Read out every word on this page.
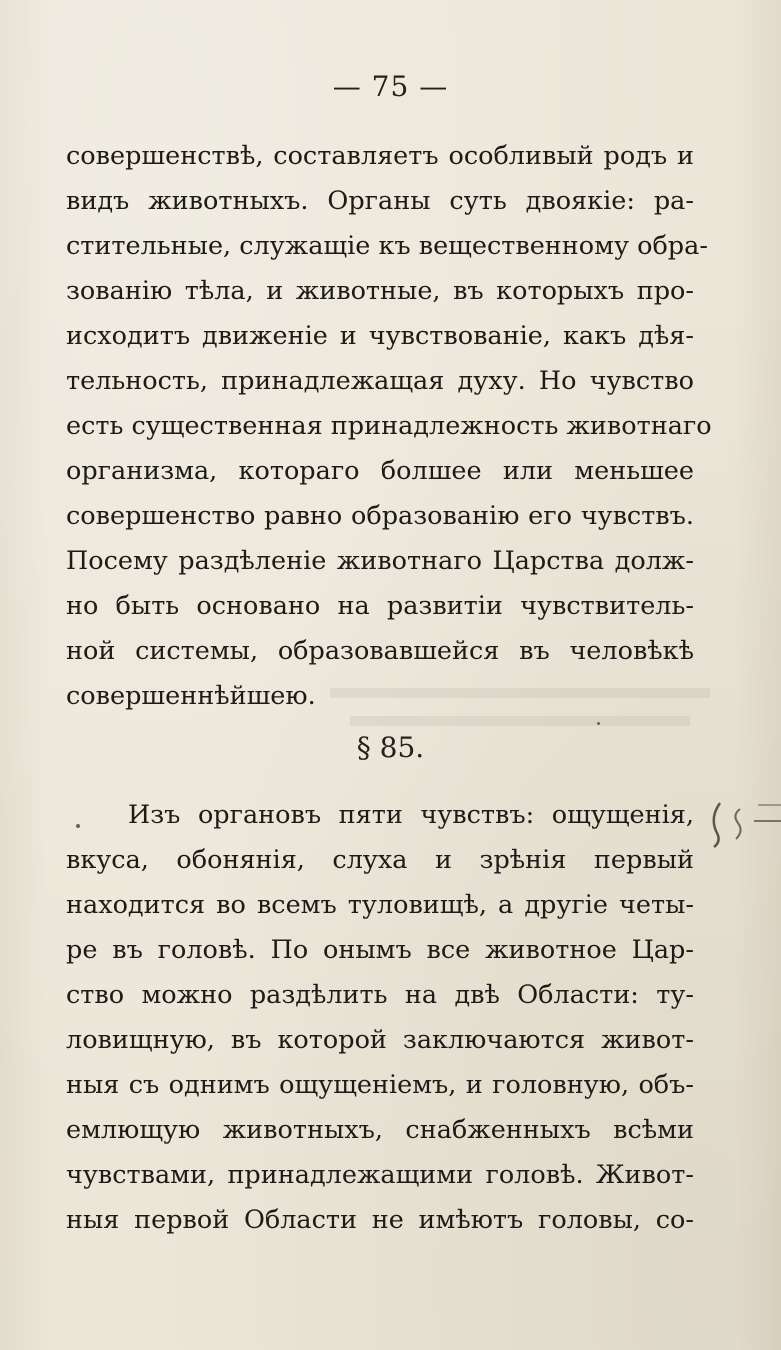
— 75 —
совершенствѣ, составляетъ особливый родъ и
видъ животныхъ. Органы суть двоякіе: ра-
стительные, служащіе къ вещественному обра-
зованію тѣла, и животные, въ которыхъ про-
исходитъ движеніе и чувствованіе, какъ дѣя-
тельность, принадлежащая духу. Но чувство
есть существенная принадлежность животнаго
организма, котораго болшее или меньшее
совершенство равно образованію его чувствъ.
Посему раздѣленіе животнаго Царства долж-
но быть основано на развитіи чувствитель-
ной системы, образовавшейся въ человѣкѣ
совершеннѣйшею.
§ 85.
Изъ органовъ пяти чувствъ: ощущенія,
вкуса, обонянія, слуха и зрѣнія первый
находится во всемъ туловищѣ, а другіе четы-
ре въ головѣ. По онымъ все животное Цар-
ство можно раздѣлить на двѣ Области: ту-
ловищную, въ которой заключаются живот-
ныя съ однимъ ощущеніемъ, и головную, объ-
емлющую животныхъ, снабженныхъ всѣми
чувствами, принадлежащими головѣ. Живот-
ныя первой Области не имѣютъ головы, со-
